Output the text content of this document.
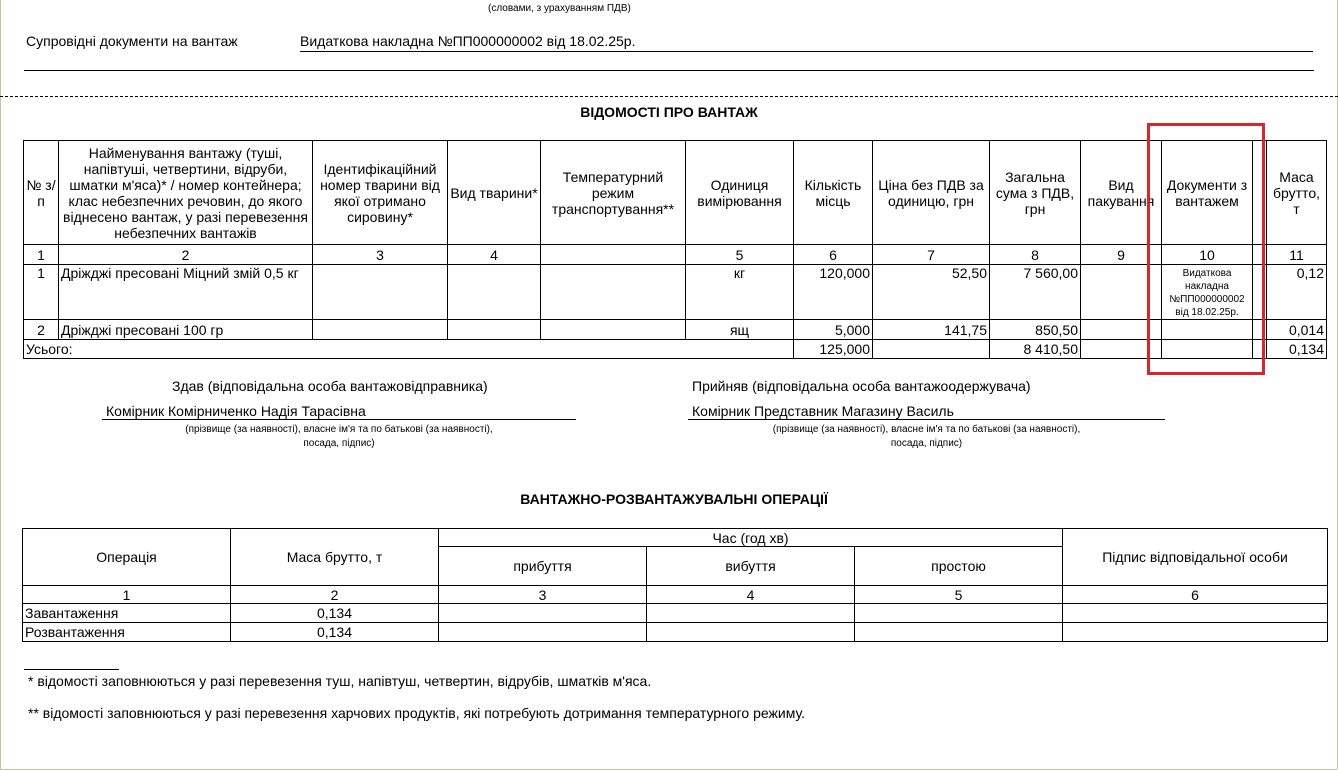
(словами, з урахуванням ПДВ)
Супровідні документи на вантаж	Видаткова накладна №ПП000000002 від 18.02.25р.
ВІДОМОСТІ ПРО ВАНТАЖ
№ з/п	Найменування вантажу (туші, напівтуші, четвертини, відруби, шматки м'яса)* / номер контейнера; клас небезпечних речовин, до якого віднесено вантаж, у разі перевезення небезпечних вантажів	Ідентифікаційний номер тварини від якої отримано сировину*	Вид тварини*	Температурний режим транспортування**	Одиниця вимірювання	Кількість місць	Ціна без ПДВ за одиницю, грн	Загальна сума з ПДВ, грн	Вид пакування	Документи з вантажем		Маса брутто, т
1	2	3	4		5	6	7	8	9	10		11
1	Дріжджі пресовані Міцний змій 0,5 кг				кг	120,000	52,50	7 560,00		Видаткова накладна №ПП000000002 від 18.02.25р.		0,12
2	Дріжджі пресовані 100 гр				ящ	5,000	141,75	850,50				0,014
Усього:						125,000		8 410,50				0,134
Здав (відповідальна особа вантажовідправника)
Комірник Комірниченко Надія Тарасівна
(прізвище (за наявності), власне ім'я та по батькові (за наявності),
посада, підпис)
Прийняв (відповідальна особа вантажоодержувача)
Комірник Представник Магазину Василь
(прізвище (за наявності), власне ім'я та по батькові (за наявності),
посада, підпис)
ВАНТАЖНО-РОЗВАНТАЖУВАЛЬНІ ОПЕРАЦІЇ
Операція	Маса брутто, т	Час (год хв)			Підпис відповідальної особи
		прибуття	вибуття	простою	
1	2	3	4	5	6
Завантаження	0,134				
Розвантаження	0,134				
* відомості заповнюються у разі перевезення туш, напівтуш, четвертин, відрубів, шматків м'яса.
** відомості заповнюються у разі перевезення харчових продуктів, які потребують дотримання температурного режиму.
